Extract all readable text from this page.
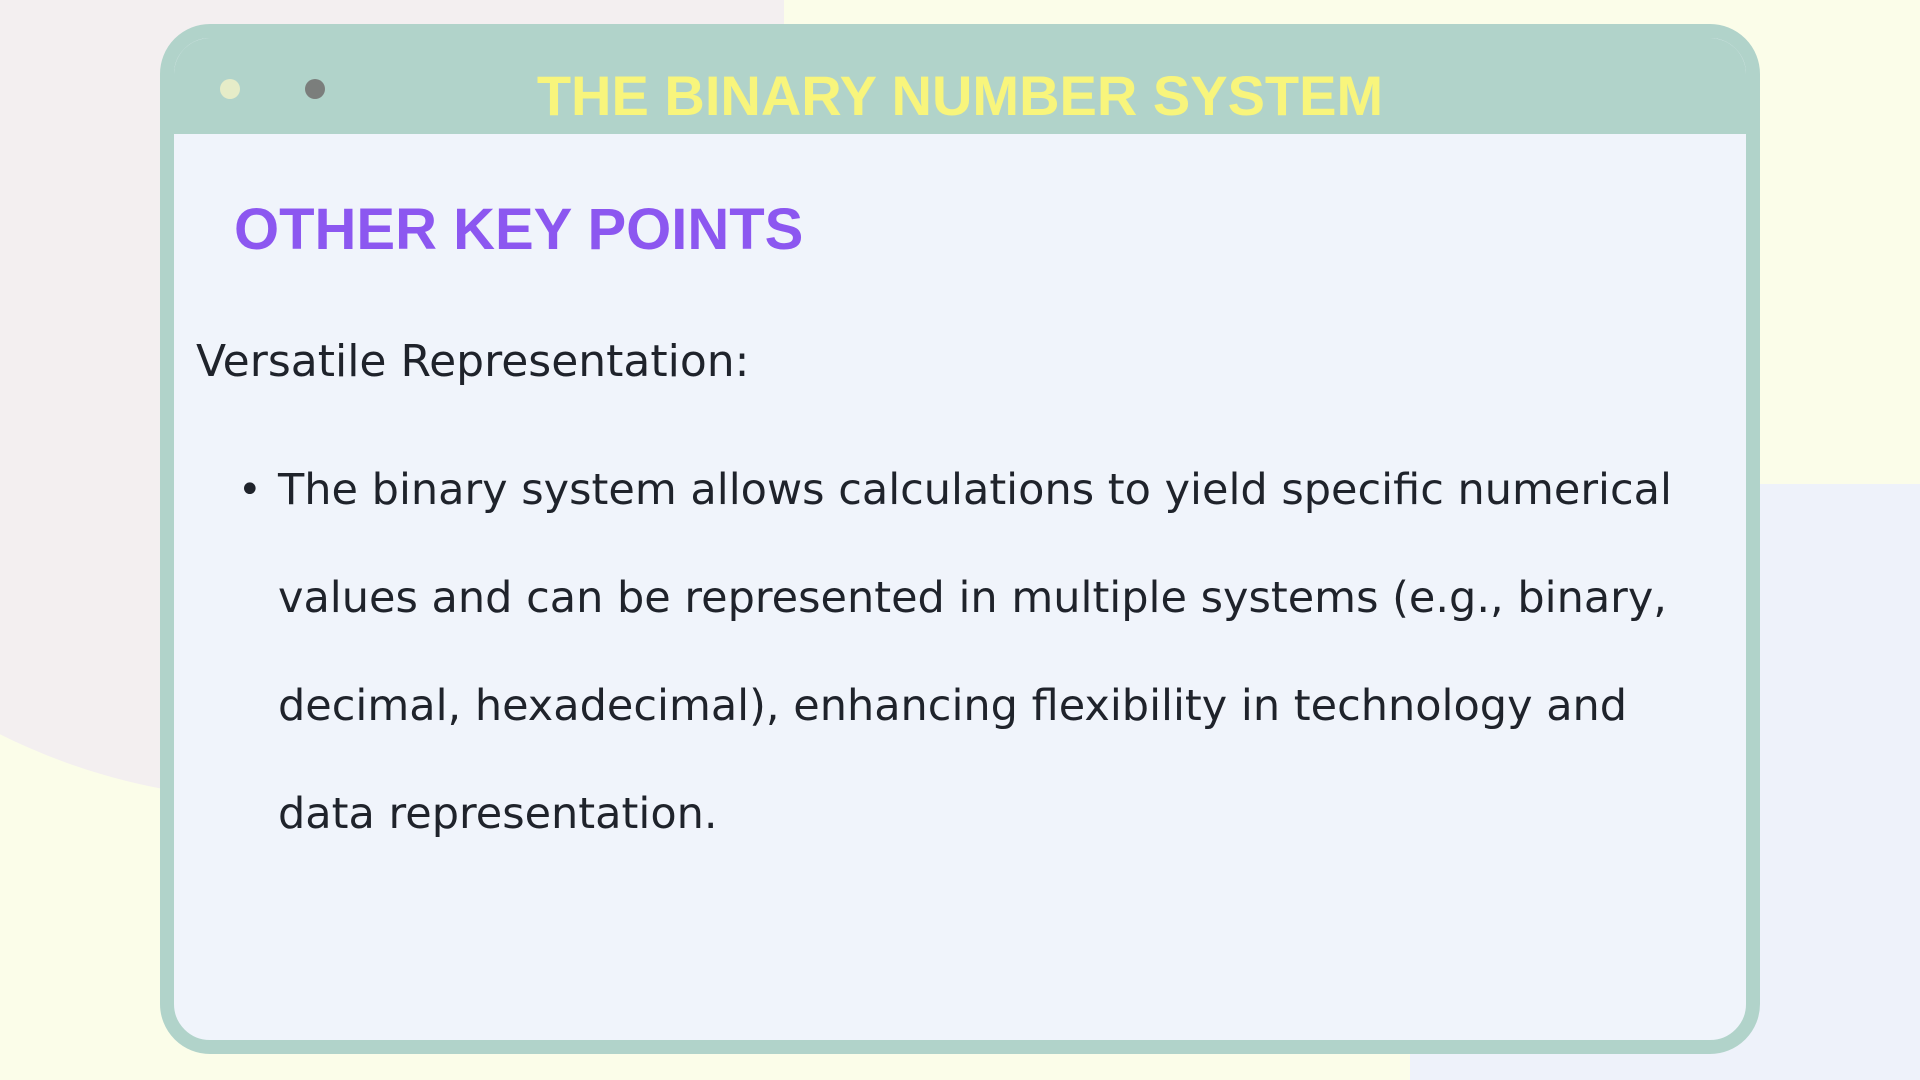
THE BINARY NUMBER SYSTEM
OTHER KEY POINTS
Versatile Representation:
• The binary system allows calculations to yield specific numerical values and can be represented in multiple systems (e.g., binary, decimal, hexadecimal), enhancing flexibility in technology and data representation.
